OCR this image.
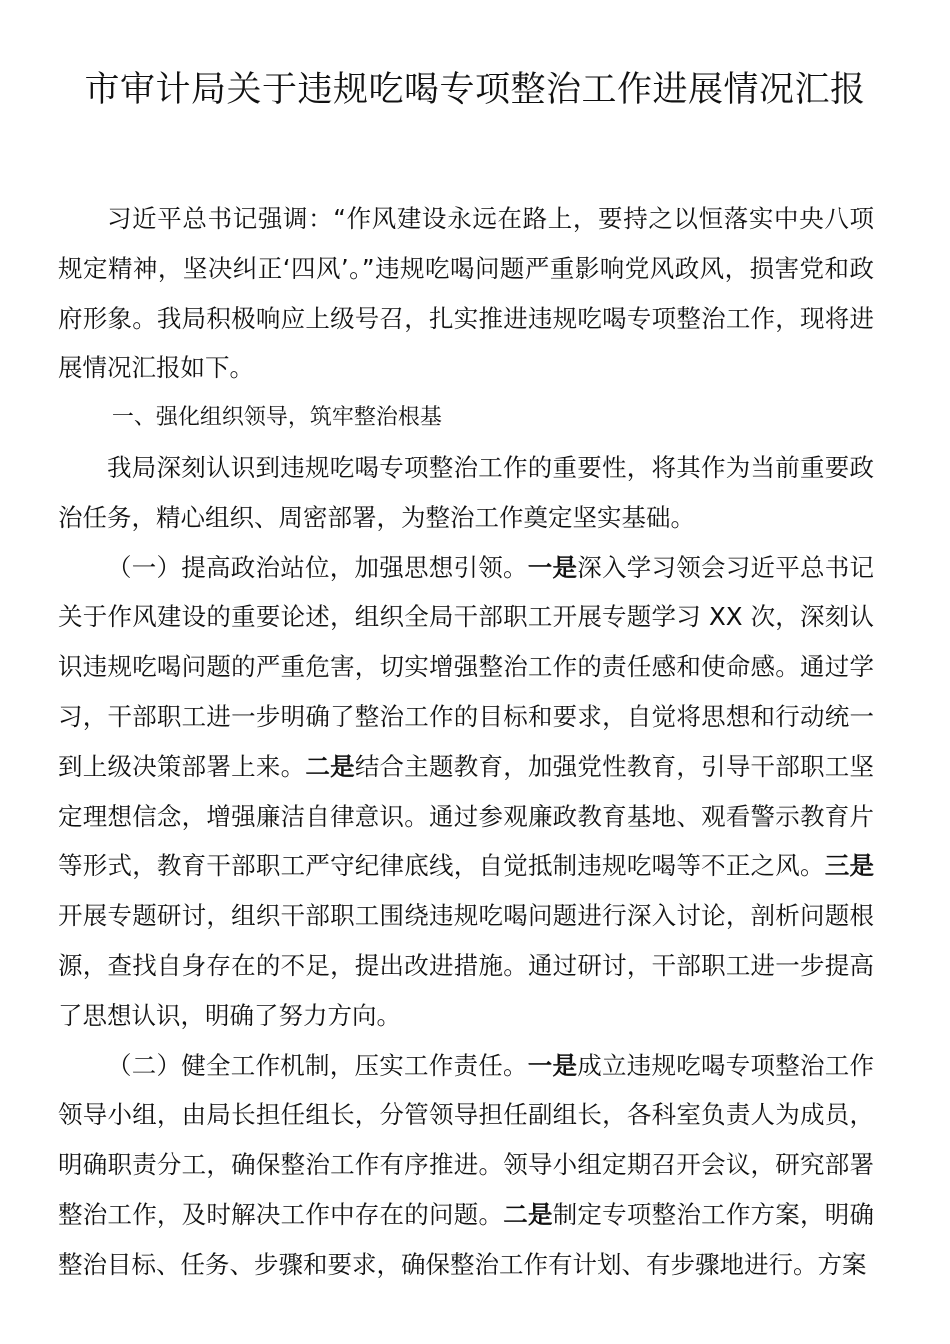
市审计局关于违规吃喝专项整治工作进展情况汇报

习近平总书记强调：“作风建设永远在路上，要持之以恒落实中央八项规定精神，坚决纠正‘四风’。”违规吃喝问题严重影响党风政风，损害党和政府形象。我局积极响应上级号召，扎实推进违规吃喝专项整治工作，现将进展情况汇报如下。

一、强化组织领导，筑牢整治根基

我局深刻认识到违规吃喝专项整治工作的重要性，将其作为当前重要政治任务，精心组织、周密部署，为整治工作奠定坚实基础。

（一）提高政治站位，加强思想引领。一是深入学习领会习近平总书记关于作风建设的重要论述，组织全局干部职工开展专题学习 XX 次，深刻认识违规吃喝问题的严重危害，切实增强整治工作的责任感和使命感。通过学习，干部职工进一步明确了整治工作的目标和要求，自觉将思想和行动统一到上级决策部署上来。二是结合主题教育，加强党性教育，引导干部职工坚定理想信念，增强廉洁自律意识。通过参观廉政教育基地、观看警示教育片等形式，教育干部职工严守纪律底线，自觉抵制违规吃喝等不正之风。三是开展专题研讨，组织干部职工围绕违规吃喝问题进行深入讨论，剖析问题根源，查找自身存在的不足，提出改进措施。通过研讨，干部职工进一步提高了思想认识，明确了努力方向。

（二）健全工作机制，压实工作责任。一是成立违规吃喝专项整治工作领导小组，由局长担任组长，分管领导担任副组长，各科室负责人为成员，明确职责分工，确保整治工作有序推进。领导小组定期召开会议，研究部署整治工作，及时解决工作中存在的问题。二是制定专项整治工作方案，明确整治目标、任务、步骤和要求，确保整治工作有计划、有步骤地进行。方案
